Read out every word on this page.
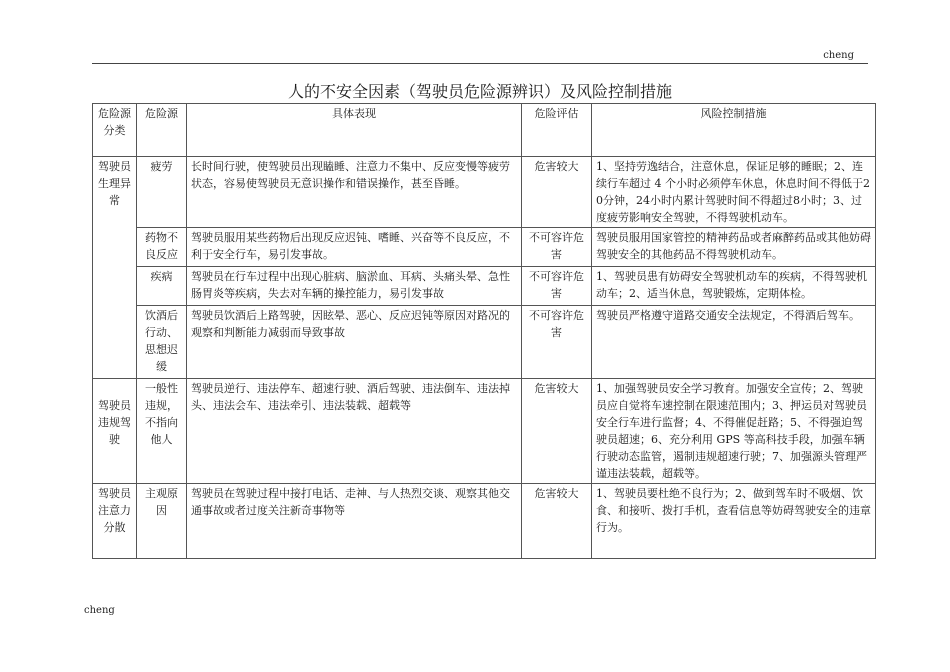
cheng
人的不安全因素（驾驶员危险源辨识）及风险控制措施
危险源分类	危险源	具体表现	危险评估	风险控制措施
驾驶员生理异常	疲劳	长时间行驶，使驾驶员出现瞌睡、注意力不集中、反应变慢等疲劳状态，容易使驾驶员无意识操作和错误操作，甚至昏睡。	危害较大	1、坚持劳逸结合，注意休息，保证足够的睡眠；2、连续行车超过 4 个小时必须停车休息，休息时间不得低于20分钟，24小时内累计驾驶时间不得超过8小时；3、过度疲劳影响安全驾驶，不得驾驶机动车。
	药物不良反应	驾驶员服用某些药物后出现反应迟钝、嗜睡、兴奋等不良反应，不利于安全行车，易引发事故。	不可容许危害	驾驶员服用国家管控的精神药品或者麻醉药品或其他妨碍驾驶安全的其他药品不得驾驶机动车。
	疾病	驾驶员在行车过程中出现心脏病、脑淤血、耳病、头痛头晕、急性肠胃炎等疾病，失去对车辆的操控能力，易引发事故	不可容许危害	1、驾驶员患有妨碍安全驾驶机动车的疾病，不得驾驶机动车；2、适当休息，驾驶锻炼，定期体检。
	饮酒后行动、思想迟缓	驾驶员饮酒后上路驾驶，因眩晕、恶心、反应迟钝等原因对路况的观察和判断能力减弱而导致事故	不可容许危害	驾驶员严格遵守道路交通安全法规定，不得酒后驾车。
驾驶员违规驾驶	一般性违规，不指向他人	驾驶员逆行、违法停车、超速行驶、酒后驾驶、违法倒车、违法掉头、违法会车、违法牵引、违法装载、超载等	危害较大	1、加强驾驶员安全学习教育。加强安全宣传；2、驾驶员应自觉将车速控制在限速范围内；3、押运员对驾驶员安全行车进行监督；4、不得催促赶路；5、不得强迫驾驶员超速；6、充分利用 GPS 等高科技手段，加强车辆行驶动态监管，遏制违规超速行驶；7、加强源头管理严谨违法装载，超载等。
驾驶员注意力分散	主观原因	驾驶员在驾驶过程中接打电话、走神、与人热烈交谈、观察其他交通事故或者过度关注新奇事物等	危害较大	1、驾驶员要杜绝不良行为；2、做到驾车时不吸烟、饮食、和接听、拨打手机，查看信息等妨碍驾驶安全的违章行为。
cheng
